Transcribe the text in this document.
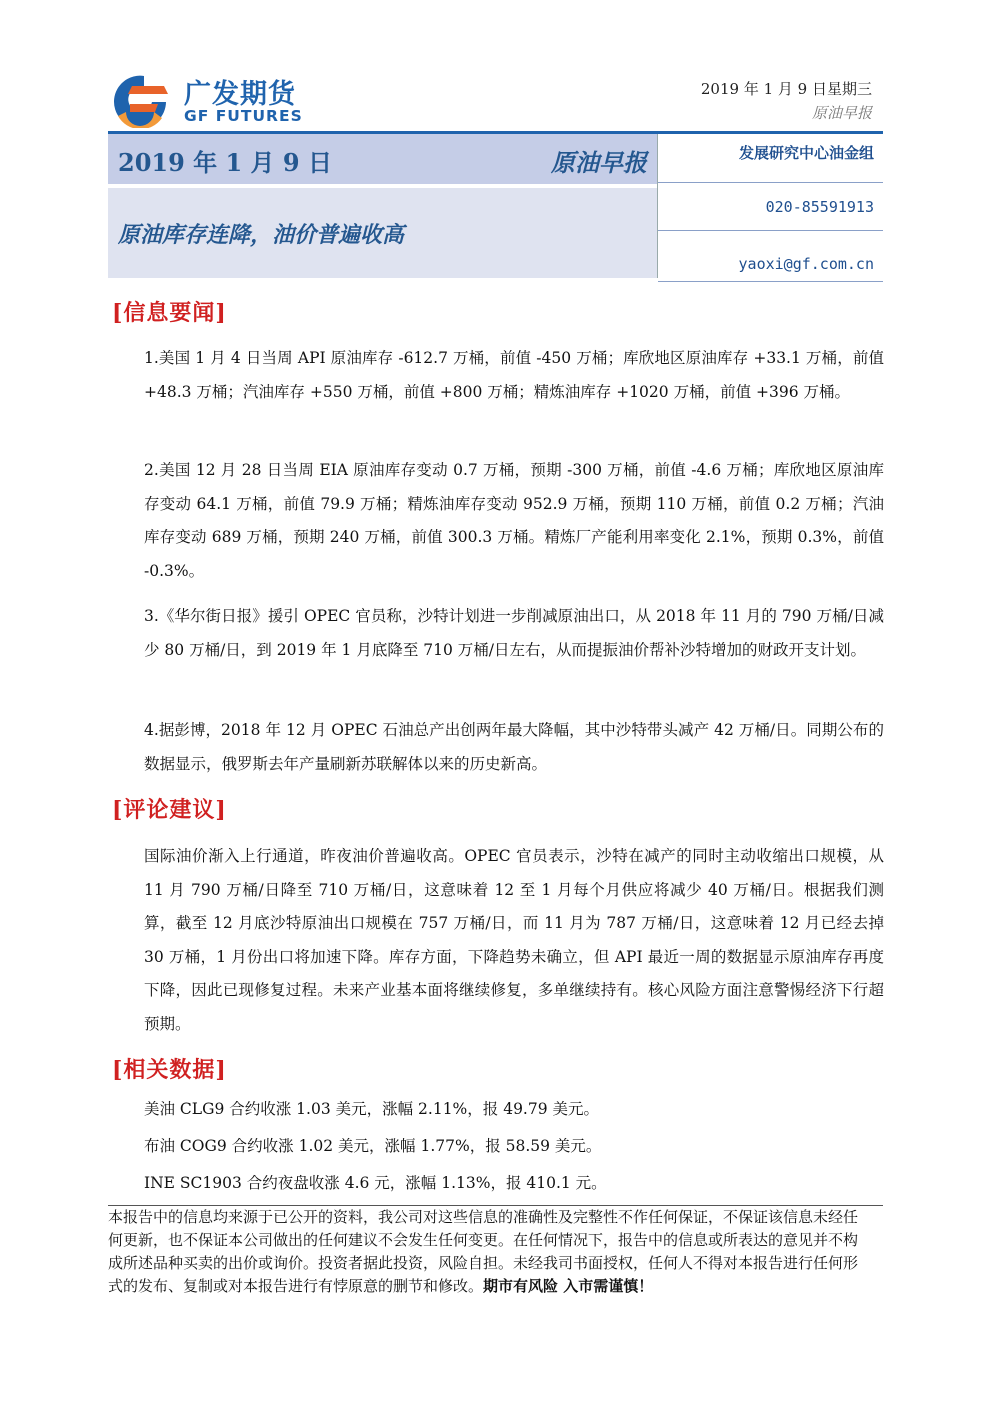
广发期货
GF FUTURES
2019 年 1 月 9 日星期三
原油早报
2019 年 1 月 9 日	原油早报
原油库存连降，油价普遍收高
发展研究中心油金组
020-85591913
yaoxi@gf.com.cn
[信息要闻]
1.美国 1 月 4 日当周 API 原油库存 -612.7 万桶，前值 -450 万桶；库欣地区原油库存 +33.1 万桶，前值 +48.3 万桶；汽油库存 +550 万桶，前值 +800 万桶；精炼油库存 +1020 万桶，前值 +396 万桶。
2.美国 12 月 28 日当周 EIA 原油库存变动 0.7 万桶，预期 -300 万桶，前值 -4.6 万桶；库欣地区原油库存变动 64.1 万桶，前值 79.9 万桶；精炼油库存变动 952.9 万桶，预期 110 万桶，前值 0.2 万桶；汽油库存变动 689 万桶，预期 240 万桶，前值 300.3 万桶。精炼厂产能利用率变化 2.1%，预期 0.3%，前值 -0.3%。
3.《华尔街日报》援引 OPEC 官员称，沙特计划进一步削减原油出口，从 2018 年 11 月的 790 万桶/日减少 80 万桶/日，到 2019 年 1 月底降至 710 万桶/日左右，从而提振油价帮补沙特增加的财政开支计划。
4.据彭博，2018 年 12 月 OPEC 石油总产出创两年最大降幅，其中沙特带头减产 42 万桶/日。同期公布的数据显示，俄罗斯去年产量刷新苏联解体以来的历史新高。
[评论建议]
国际油价渐入上行通道，昨夜油价普遍收高。OPEC 官员表示，沙特在减产的同时主动收缩出口规模，从 11 月 790 万桶/日降至 710 万桶/日，这意味着 12 至 1 月每个月供应将减少 40 万桶/日。根据我们测算，截至 12 月底沙特原油出口规模在 757 万桶/日，而 11 月为 787 万桶/日，这意味着 12 月已经去掉 30 万桶，1 月份出口将加速下降。库存方面，下降趋势未确立，但 API 最近一周的数据显示原油库存再度下降，因此已现修复过程。未来产业基本面将继续修复，多单继续持有。核心风险方面注意警惕经济下行超预期。
[相关数据]
美油 CLG9 合约收涨 1.03 美元，涨幅 2.11%，报 49.79 美元。
布油 COG9 合约收涨 1.02 美元，涨幅 1.77%，报 58.59 美元。
INE SC1903 合约夜盘收涨 4.6 元，涨幅 1.13%，报 410.1 元。
本报告中的信息均来源于已公开的资料，我公司对这些信息的准确性及完整性不作任何保证，不保证该信息未经任何更新，也不保证本公司做出的任何建议不会发生任何变更。在任何情况下，报告中的信息或所表达的意见并不构成所述品种买卖的出价或询价。投资者据此投资，风险自担。未经我司书面授权，任何人不得对本报告进行任何形式的发布、复制或对本报告进行有悖原意的删节和修改。期市有风险 入市需谨慎！
